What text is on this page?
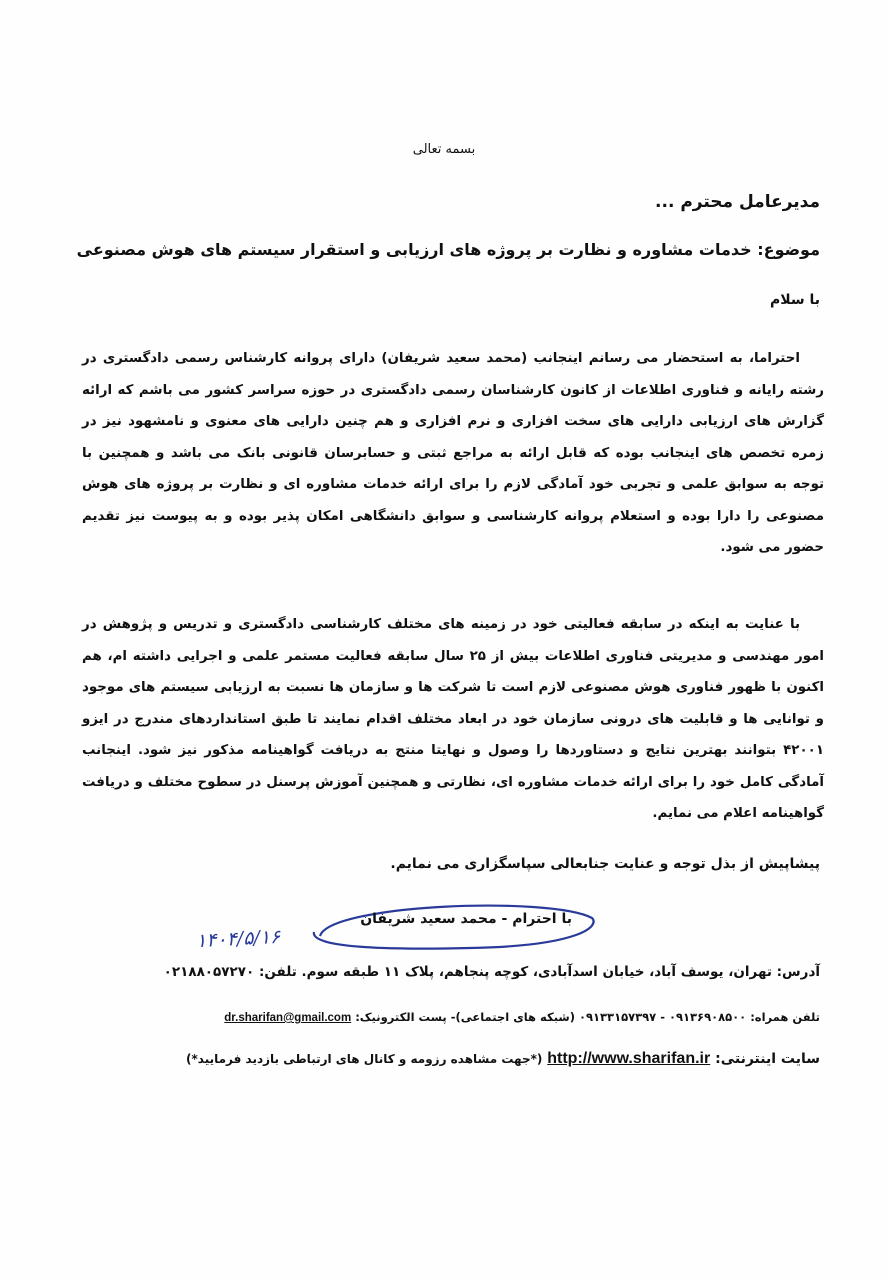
بسمه تعالی
مدیرعامل محترم ...
موضوع: خدمات مشاوره و نظارت بر پروژه های ارزیابی و استقرار سیستم های هوش مصنوعی
با سلام

احتراما، به استحضار می رسانم اینجانب (محمد سعید شریفان) دارای پروانه کارشناس رسمی دادگستری در رشته رایانه و فناوری اطلاعات از کانون کارشناسان رسمی دادگستری در حوزه سراسر کشور می باشم که ارائه گزارش های ارزیابی دارایی های سخت افزاری و نرم افزاری و هم چنین دارایی های معنوی و نامشهود نیز در زمره تخصص های اینجانب بوده که قابل ارائه به مراجع ثبتی و حسابرسان قانونی بانک می باشد و همچنین با توجه به سوابق علمی و تجربی خود آمادگی لازم را برای ارائه خدمات مشاوره ای و نظارت بر پروژه های هوش مصنوعی را دارا بوده و استعلام پروانه کارشناسی و سوابق دانشگاهی امکان پذیر بوده و به پیوست نیز تقدیم حضور می شود.

با عنایت به اینکه در سابقه فعالیتی خود در زمینه های مختلف کارشناسی دادگستری و تدریس و پژوهش در امور مهندسی و مدیریتی فناوری اطلاعات بیش از ۲۵ سال سابقه فعالیت مستمر علمی و اجرایی داشته ام، هم اکنون با ظهور فناوری هوش مصنوعی لازم است تا شرکت ها و سازمان ها نسبت به ارزیابی سیستم های موجود و توانایی ها و قابلیت های درونی سازمان خود در ابعاد مختلف اقدام نمایند تا طبق استانداردهای مندرج در ایزو ۴۲۰۰۱ بتوانند بهترین نتایج و دستاوردها را وصول و نهایتا منتج به دریافت گواهینامه مذکور نیز شود. اینجانب آمادگی کامل خود را برای ارائه خدمات مشاوره ای، نظارتی و همچنین آموزش پرسنل در سطوح مختلف و دریافت گواهینامه اعلام می نمایم.

پیشاپیش از بذل توجه و عنایت جنابعالی سپاسگزاری می نمایم.
با احترام - محمد سعید شریفان
۱۴۰۴/۵/۱۶
آدرس: تهران، یوسف آباد، خیابان اسدآبادی، کوچه پنجاهم، پلاک ۱۱ طبقه سوم. تلفن: ۰۲۱۸۸۰۵۷۲۷۰
تلفن همراه: ۰۹۱۳۶۹۰۸۵۰۰ - ۰۹۱۳۳۱۵۷۳۹۷ (شبکه های اجتماعی)- پست الکترونیک: dr.sharifan@gmail.com
سایت اینترنتی: http://www.sharifan.ir (*جهت مشاهده رزومه و کانال های ارتباطی بازدید فرمایید*)
